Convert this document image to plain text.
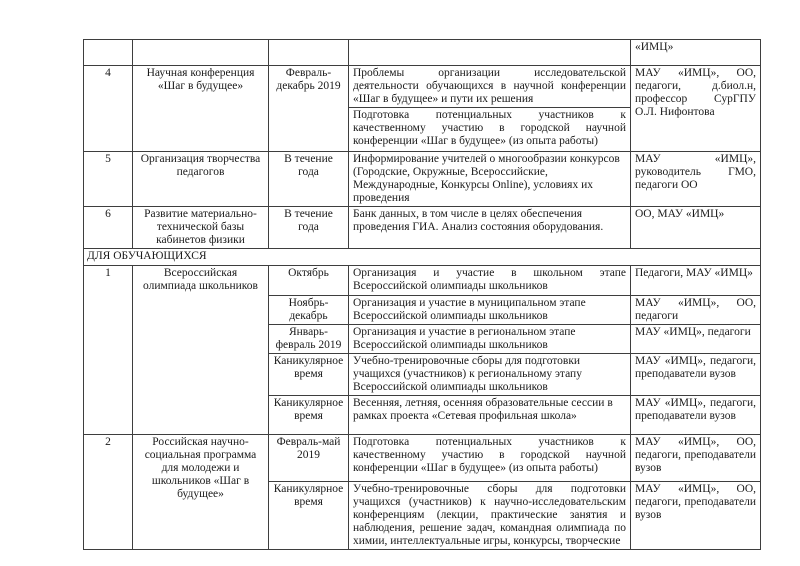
				«ИМЦ»
4	Научная конференция «Шаг в будущее»	Февраль-декабрь 2019	Проблемы организации исследовательской деятельности обучающихся в научной конференции «Шаг в будущее» и пути их решения	МАУ «ИМЦ», ОО, педагоги, д.биол.н, профессор СурГПУ О.Л. Нифонтова
			Подготовка потенциальных участников к качественному участию в городской научной конференции «Шаг в будущее» (из опыта работы)	
5	Организация творчества педагогов	В течение года	Информирование учителей о многообразии конкурсов (Городские, Окружные, Всероссийские, Международные, Конкурсы Online), условиях их проведения	МАУ «ИМЦ», руководитель ГМО, педагоги ОО
6	Развитие материально-технической базы кабинетов физики	В течение года	Банк данных, в том числе в целях обеспечения проведения ГИА. Анализ состояния оборудования.	ОО, МАУ «ИМЦ»
ДЛЯ ОБУЧАЮЩИХСЯ				
1	Всероссийская олимпиада школьников	Октябрь	Организация и участие в школьном этапе Всероссийской олимпиады школьников	Педагоги, МАУ «ИМЦ»
		Ноябрь-декабрь	Организация и участие в муниципальном этапе Всероссийской олимпиады школьников	МАУ «ИМЦ», ОО, педагоги
		Январь-февраль 2019	Организация и участие в региональном этапе Всероссийской олимпиады школьников	МАУ «ИМЦ», педагоги
		Каникулярное время	Учебно-тренировочные сборы для подготовки учащихся (участников) к региональному этапу Всероссийской олимпиады школьников	МАУ «ИМЦ», педагоги, преподаватели вузов
		Каникулярное время	Весенняя, летняя, осенняя образовательные сессии в рамках проекта «Сетевая профильная школа»	МАУ «ИМЦ», педагоги, преподаватели вузов
2	Российская научно-социальная программа для молодежи и школьников «Шаг в будущее»	Февраль-май 2019	Подготовка потенциальных участников к качественному участию в городской научной конференции «Шаг в будущее» (из опыта работы)	МАУ «ИМЦ», ОО, педагоги, преподаватели вузов
		Каникулярное время	Учебно-тренировочные сборы для подготовки учащихся (участников) к научно-исследовательским конференциям (лекции, практические занятия и наблюдения, решение задач, командная олимпиада по химии, интеллектуальные игры, конкурсы, творческие	МАУ «ИМЦ», ОО, педагоги, преподаватели вузов
